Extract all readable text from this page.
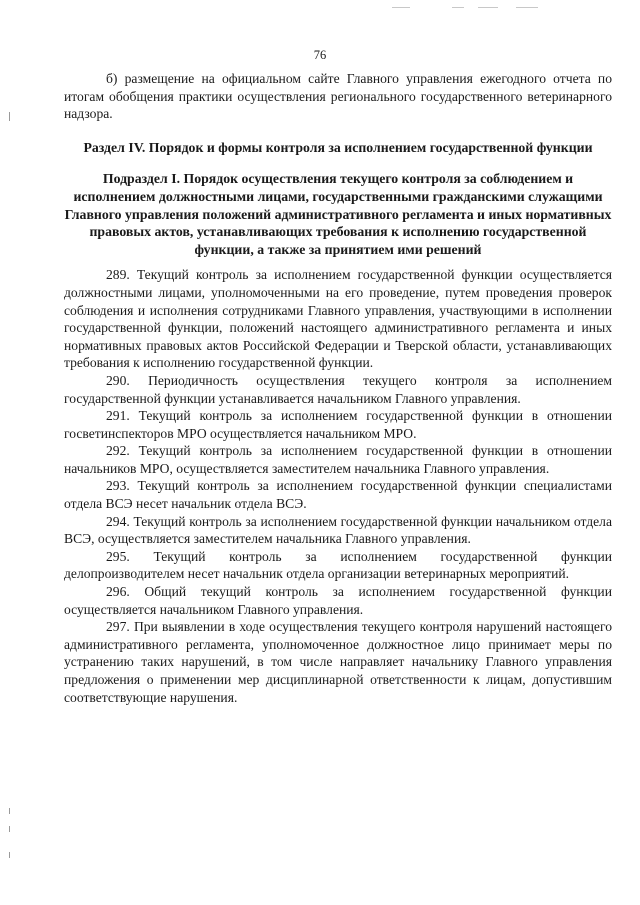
76

б) размещение на официальном сайте Главного управления ежегодного отчета по итогам обобщения практики осуществления регионального государственного ветеринарного надзора.

Раздел IV. Порядок и формы контроля за исполнением государственной функции

Подраздел I. Порядок осуществления текущего контроля за соблюдением и исполнением должностными лицами, государственными гражданскими служащими Главного управления положений административного регламента и иных нормативных правовых актов, устанавливающих требования к исполнению государственной функции, а также за принятием ими решений

289. Текущий контроль за исполнением государственной функции осуществляется должностными лицами, уполномоченными на его проведение, путем проведения проверок соблюдения и исполнения сотрудниками Главного управления, участвующими в исполнении государственной функции, положений настоящего административного регламента и иных нормативных правовых актов Российской Федерации и Тверской области, устанавливающих требования к исполнению государственной функции.

290. Периодичность осуществления текущего контроля за исполнением государственной функции устанавливается начальником Главного управления.

291. Текущий контроль за исполнением государственной функции в отношении госветинспекторов МРО осуществляется начальником МРО.

292. Текущий контроль за исполнением государственной функции в отношении начальников МРО, осуществляется заместителем начальника Главного управления.

293. Текущий контроль за исполнением государственной функции специалистами отдела ВСЭ несет начальник отдела ВСЭ.

294. Текущий контроль за исполнением государственной функции начальником отдела ВСЭ, осуществляется заместителем начальника Главного управления.

295. Текущий контроль за исполнением государственной функции делопроизводителем несет начальник отдела организации ветеринарных мероприятий.

296. Общий текущий контроль за исполнением государственной функции осуществляется начальником Главного управления.

297. При выявлении в ходе осуществления текущего контроля нарушений настоящего административного регламента, уполномоченное должностное лицо принимает меры по устранению таких нарушений, в том числе направляет начальнику Главного управления предложения о применении мер дисциплинарной ответственности к лицам, допустившим соответствующие нарушения.
